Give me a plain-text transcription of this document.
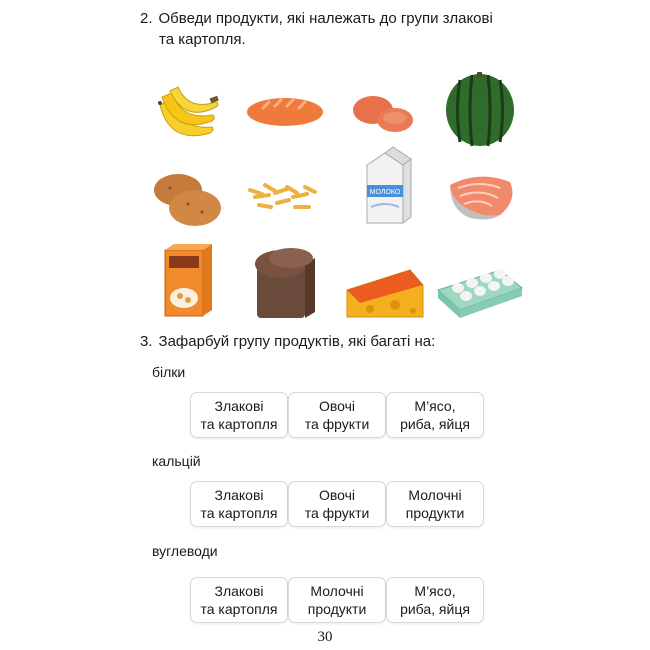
2. Обведи продукти, які належать до групи злакові
та картопля.
МОЛОКО
3. Зафарбуй групу продуктів, які багаті на:
білки
Злакові
та картопля
Овочі
та фрукти
М’ясо,
риба, яйця
кальцій
Злакові
та картопля
Овочі
та фрукти
Молочні
продукти
вуглеводи
Злакові
та картопля
Молочні
продукти
М’ясо,
риба, яйця
30
